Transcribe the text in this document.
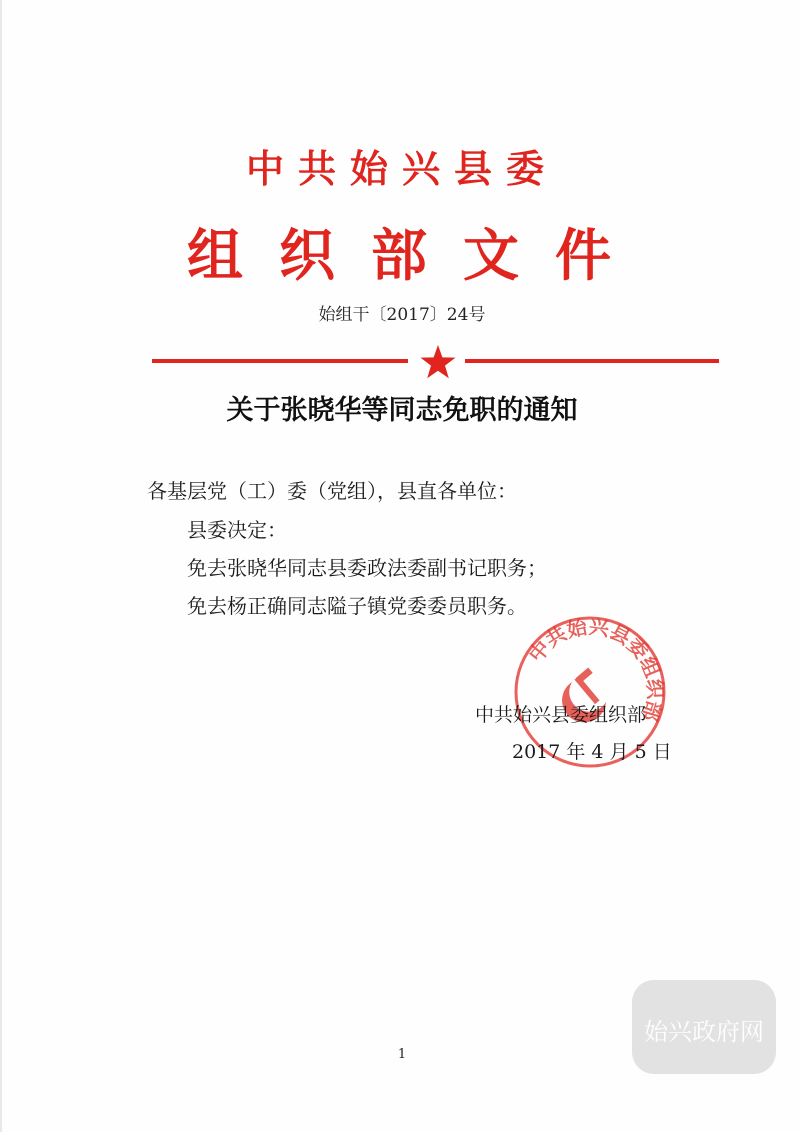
中共始兴县委
组织部文件
始组干〔2017〕24号
关于张晓华等同志免职的通知
各基层党（工）委（党组），县直各单位：
县委决定：
免去张晓华同志县委政法委副书记职务；
免去杨正确同志隘子镇党委委员职务。
中共始兴县委组织部
中共始兴县委组织部
2017 年 4 月 5 日
1
始兴政府网
